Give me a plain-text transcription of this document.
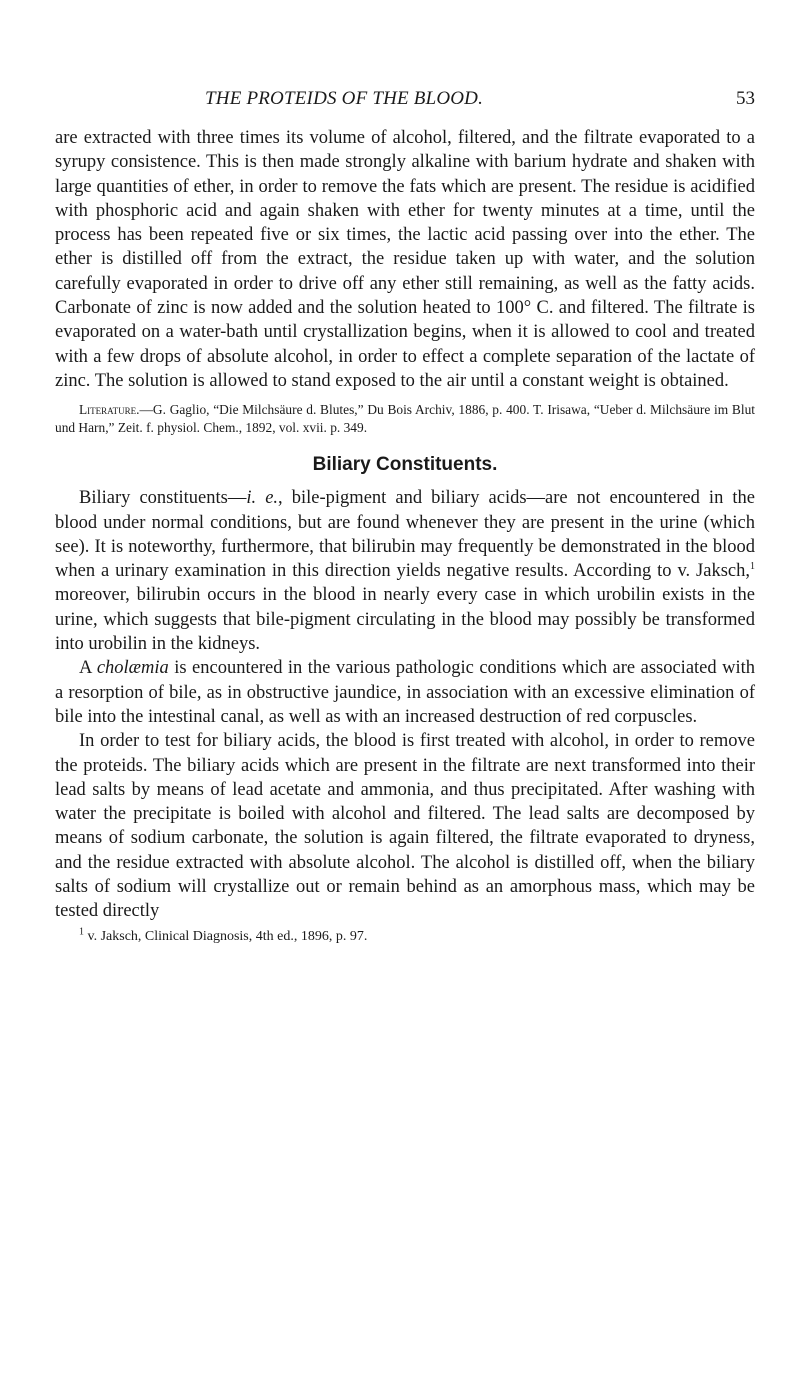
THE PROTEIDS OF THE BLOOD.	53

are extracted with three times its volume of alcohol, filtered, and the filtrate evaporated to a syrupy consistence. This is then made strongly alkaline with barium hydrate and shaken with large quantities of ether, in order to remove the fats which are present. The residue is acidified with phosphoric acid and again shaken with ether for twenty minutes at a time, until the process has been repeated five or six times, the lactic acid passing over into the ether. The ether is distilled off from the extract, the residue taken up with water, and the solution carefully evaporated in order to drive off any ether still remaining, as well as the fatty acids. Carbonate of zinc is now added and the solution heated to 100° C. and filtered. The filtrate is evaporated on a water-bath until crystallization begins, when it is allowed to cool and treated with a few drops of absolute alcohol, in order to effect a complete separation of the lactate of zinc. The solution is allowed to stand exposed to the air until a constant weight is obtained.

Literature.—G. Gaglio, “Die Milchsäure d. Blutes,” Du Bois Archiv, 1886, p. 400. T. Irisawa, “Ueber d. Milchsäure im Blut und Harn,” Zeit. f. physiol. Chem., 1892, vol. xvii. p. 349.

Biliary Constituents.

Biliary constituents—i. e., bile-pigment and biliary acids—are not encountered in the blood under normal conditions, but are found whenever they are present in the urine (which see). It is noteworthy, furthermore, that bilirubin may frequently be demonstrated in the blood when a urinary examination in this direction yields negative results. According to v. Jaksch,$^1$ moreover, bilirubin occurs in the blood in nearly every case in which urobilin exists in the urine, which suggests that bile-pigment circulating in the blood may possibly be transformed into urobilin in the kidneys.

A cholæmia is encountered in the various pathologic conditions which are associated with a resorption of bile, as in obstructive jaundice, in association with an excessive elimination of bile into the intestinal canal, as well as with an increased destruction of red corpuscles.

In order to test for biliary acids, the blood is first treated with alcohol, in order to remove the proteids. The biliary acids which are present in the filtrate are next transformed into their lead salts by means of lead acetate and ammonia, and thus precipitated. After washing with water the precipitate is boiled with alcohol and filtered. The lead salts are decomposed by means of sodium carbonate, the solution is again filtered, the filtrate evaporated to dryness, and the residue extracted with absolute alcohol. The alcohol is distilled off, when the biliary salts of sodium will crystallize out or remain behind as an amorphous mass, which may be tested directly

$^1$ v. Jaksch, Clinical Diagnosis, 4th ed., 1896, p. 97.
